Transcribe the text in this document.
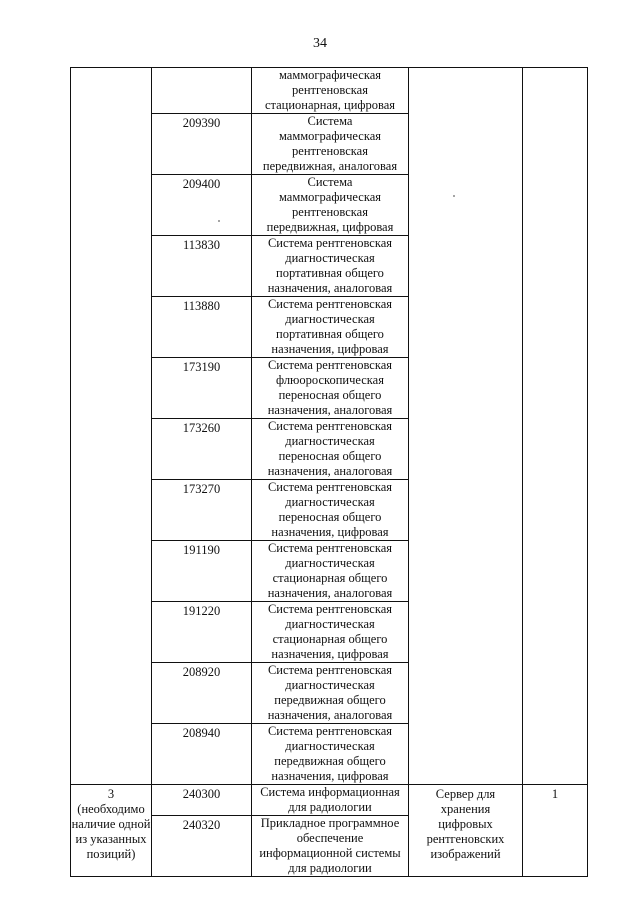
34

		маммографическая рентгеновская стационарная, цифровая		

	209390	Система маммографическая рентгеновская передвижная, аналоговая		

	209400	Система маммографическая рентгеновская передвижная, цифровая		

	113830	Система рентгеновская диагностическая портативная общего назначения, аналоговая		

	113880	Система рентгеновская диагностическая портативная общего назначения, цифровая		

	173190	Система рентгеновская флюороскопическая переносная общего назначения, аналоговая		

	173260	Система рентгеновская диагностическая переносная общего назначения, аналоговая		

	173270	Система рентгеновская диагностическая переносная общего назначения, цифровая		

	191190	Система рентгеновская диагностическая стационарная общего назначения, аналоговая		

	191220	Система рентгеновская диагностическая стационарная общего назначения, цифровая		

	208920	Система рентгеновская диагностическая передвижная общего назначения, аналоговая		

	208940	Система рентгеновская диагностическая передвижная общего назначения, цифровая		

3
(необходимо наличие одной из указанных позиций)	240300	Система информационная для радиологии	Сервер для хранения цифровых рентгеновских изображений	1
	240320	Прикладное программное обеспечение информационной системы для радиологии		
